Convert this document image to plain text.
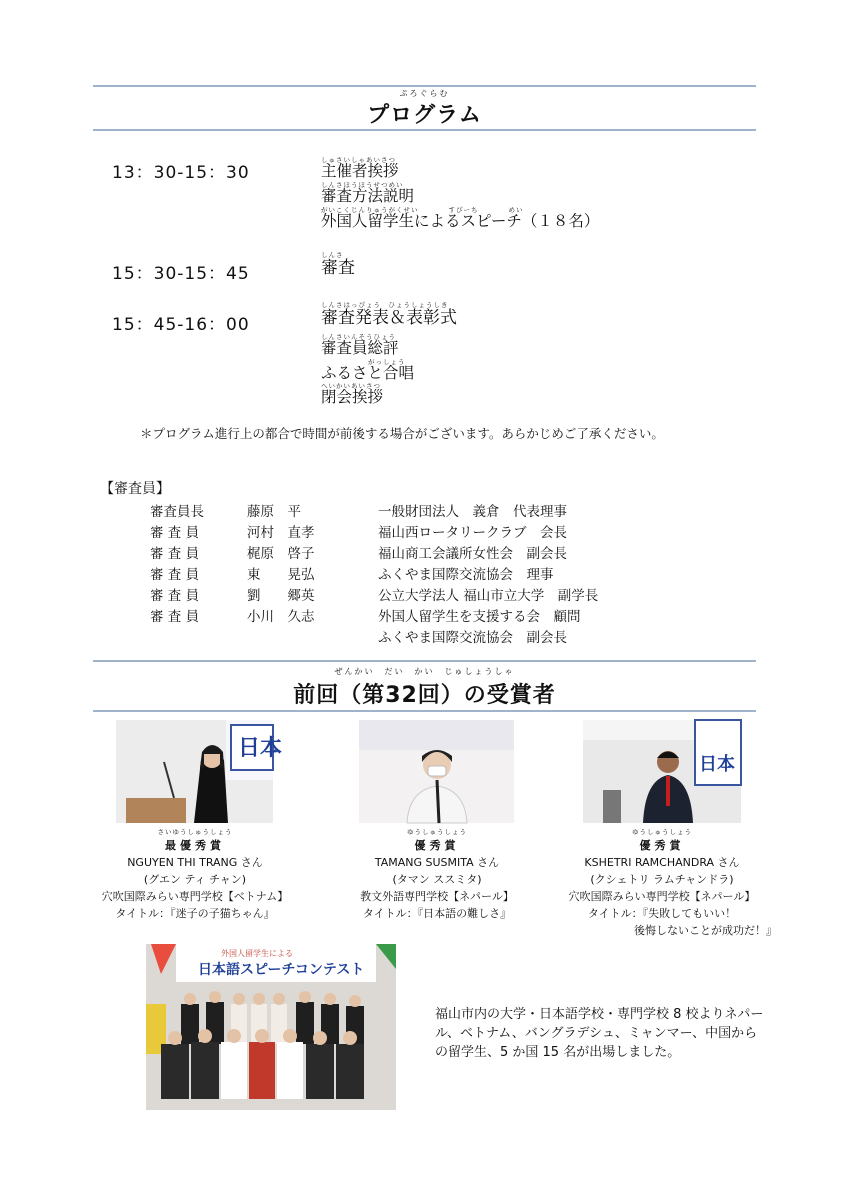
ぷろぐらむ
プログラム
13：30-15：30
しゅさいしゃあいさつ
主催者挨拶
しんさほうほうせつめい
審査方法説明
がいこくじんりゅうがくせい　　　　すぴーち　　　　めい
外国人留学生によるスピーチ（１８名）
15：30-15：45
しんさ
審査
15：45-16：00
しんさはっぴょう　ひょうしょうしき
審査発表＆表彰式
しんさいんそうひょう
審査員総評
がっしょう
ふるさと合唱
へいかいあいさつ
閉会挨拶
＊プログラム進行上の都合で時間が前後する場合がございます。あらかじめご了承ください。
【審査員】
審査員長	藤原　平	一般財団法人　義倉　代表理事
審 査 員	河村　直孝	福山西ロータリークラブ　会長
審 査 員	梶原　啓子	福山商工会議所女性会　副会長
審 査 員	東　　晃弘	ふくやま国際交流協会　理事
審 査 員	劉　　郷英	公立大学法人 福山市立大学　副学長
審 査 員	小川　久志	外国人留学生を支援する会　顧問
ふくやま国際交流協会　副会長
ぜんかい　だい　かい　じゅしょうしゃ
前回（第32回）の受賞者
日本
日本
さいゆうしゅうしょう
最優秀賞
NGUYEN THI TRANG さん
(グエン ティ チャン)
穴吹国際みらい専門学校【ベトナム】
タイトル：『迷子の子猫ちゃん』
ゆうしゅうしょう
優秀賞
TAMANG SUSMITA さん
(タマン ススミタ)
教文外語専門学校【ネパール】
タイトル：『日本語の難しさ』
ゆうしゅうしょう
優秀賞
KSHETRI RAMCHANDRA さん
(クシェトリ ラムチャンドラ)
穴吹国際みらい専門学校【ネパール】
タイトル：『失敗してもいい！
後悔しないことが成功だ！』
外国人留学生による
日本語スピーチコンテスト
福山市内の大学・日本語学校・専門学校 8 校よりネパール、ベトナム、バングラデシュ、ミャンマー、中国からの留学生、5 か国 15 名が出場しました。
